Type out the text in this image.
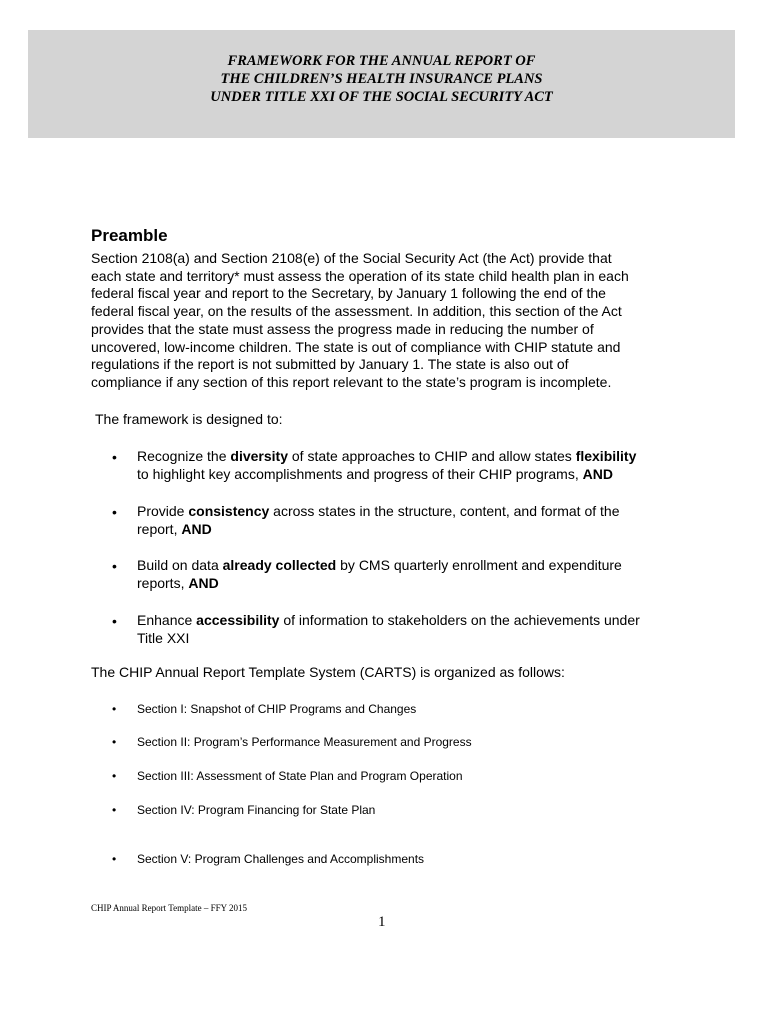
FRAMEWORK FOR THE ANNUAL REPORT OF
THE CHILDREN’S HEALTH INSURANCE PLANS
UNDER TITLE XXI OF THE SOCIAL SECURITY ACT
Preamble
Section 2108(a) and Section 2108(e) of the Social Security Act (the Act) provide that
each state and territory* must assess the operation of its state child health plan in each
federal fiscal year and report to the Secretary, by January 1 following the end of the
federal fiscal year, on the results of the assessment. In addition, this section of the Act
provides that the state must assess the progress made in reducing the number of
uncovered, low-income children. The state is out of compliance with CHIP statute and
regulations if the report is not submitted by January 1. The state is also out of
compliance if any section of this report relevant to the state’s program is incomplete.
The framework is designed to:
• Recognize the diversity of state approaches to CHIP and allow states flexibility
to highlight key accomplishments and progress of their CHIP programs, AND
• Provide consistency across states in the structure, content, and format of the
report, AND
• Build on data already collected by CMS quarterly enrollment and expenditure
reports, AND
• Enhance accessibility of information to stakeholders on the achievements under
Title XXI
The CHIP Annual Report Template System (CARTS) is organized as follows:
• Section I: Snapshot of CHIP Programs and Changes
• Section II: Program’s Performance Measurement and Progress
• Section III: Assessment of State Plan and Program Operation
• Section IV: Program Financing for State Plan
• Section V: Program Challenges and Accomplishments
CHIP Annual Report Template – FFY 2015
1
